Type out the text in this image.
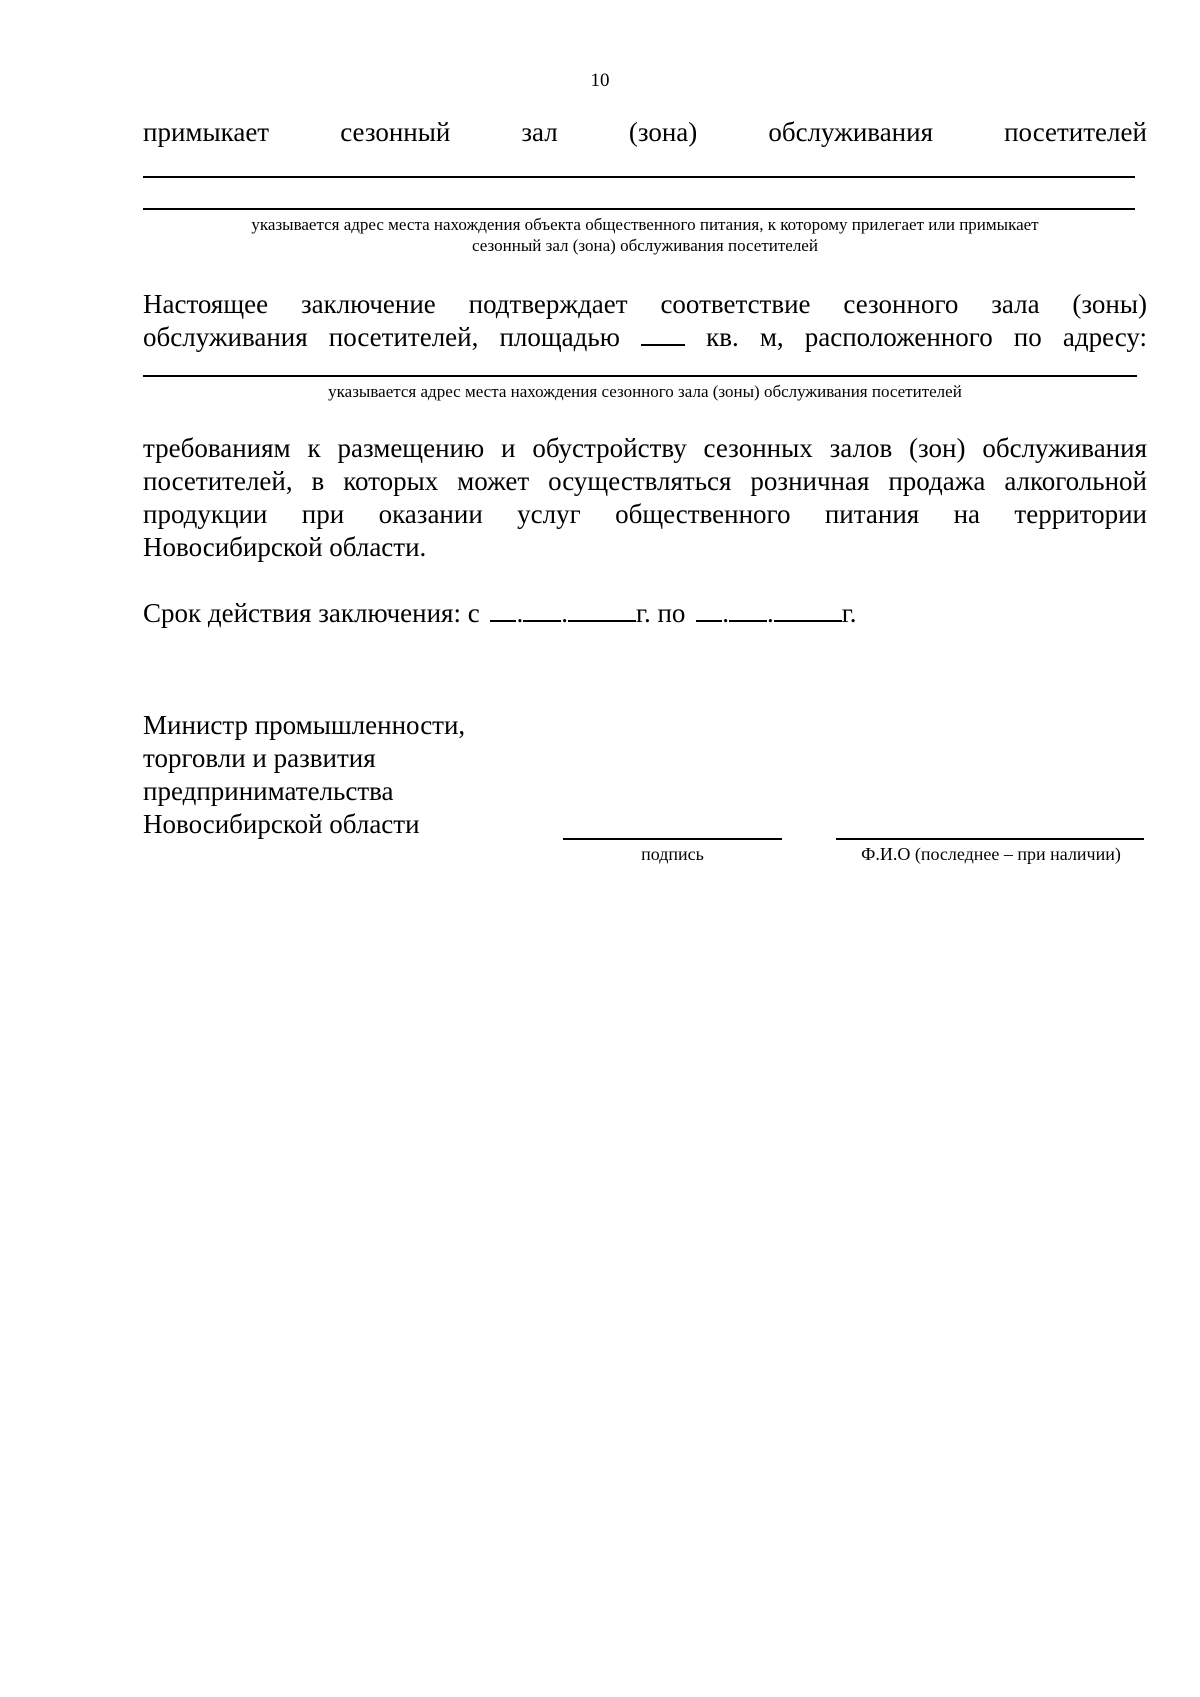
10
примыкает	сезонный	зал	(зона)	обслуживания	посетителей
указывается адрес места нахождения объекта общественного питания, к которому прилегает или примыкает
сезонный зал (зона) обслуживания посетителей
Настоящее заключение подтверждает соответствие сезонного зала (зоны)
обслуживания посетителей, площадью	кв. м, расположенного по адресу:
указывается адрес места нахождения сезонного зала (зоны) обслуживания посетителей
требованиям к размещению и обустройству сезонных залов (зон) обслуживания
посетителей, в которых может осуществляться розничная продажа алкогольной
продукции при оказании услуг общественного питания на территории
Новосибирской области.
Срок действия заключения: с . .	г. по . .	г.
Министр промышленности,
торговли и развития
предпринимательства
Новосибирской области
подпись	Ф.И.О (последнее – при наличии)
